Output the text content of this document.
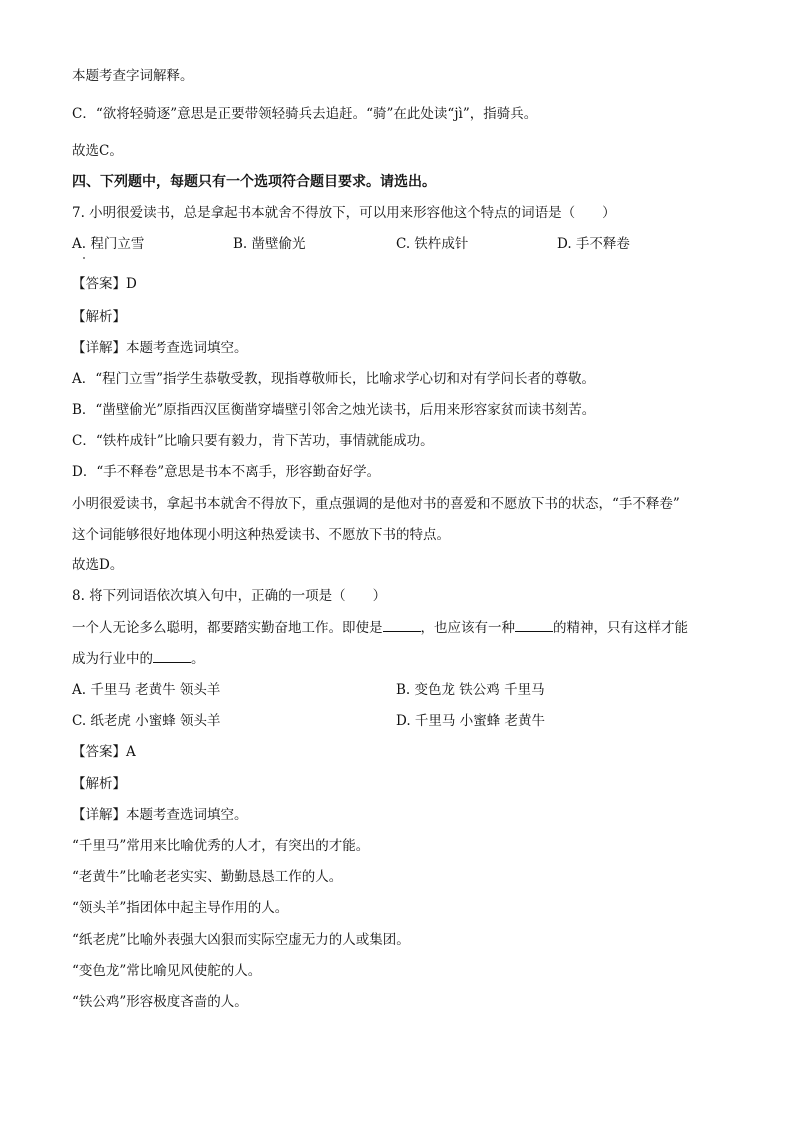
本题考查字词解释。
C．“欲将轻骑逐”意思是正要带领轻骑兵去追赶。“骑”在此处读“jì”，指骑兵。
故选C。
四、下列题中，每题只有一个选项符合题目要求。请选出。
7. 小明很爱读书，总是拿起书本就舍不得放下，可以用来形容他这个特点的词语是（　　）
A. 程门立雪	B. 凿壁偷光	C. 铁杵成针	D. 手不释卷
【答案】D
【解析】
【详解】本题考查选词填空。
A．“程门立雪”指学生恭敬受教，现指尊敬师长，比喻求学心切和对有学问长者的尊敬。
B．“凿壁偷光”原指西汉匡衡凿穿墙壁引邻舍之烛光读书，后用来形容家贫而读书刻苦。
C．“铁杵成针”比喻只要有毅力，肯下苦功，事情就能成功。
D．“手不释卷”意思是书本不离手，形容勤奋好学。
小明很爱读书，拿起书本就舍不得放下，重点强调的是他对书的喜爱和不愿放下书的状态，“手不释卷”
这个词能够很好地体现小明这种热爱读书、不愿放下书的特点。
故选D。
8. 将下列词语依次填入句中，正确的一项是（　　）
一个人无论多么聪明，都要踏实勤奋地工作。即使是	，也应该有一种	的精神，只有这样才能
成为行业中的	。
A. 千里马 老黄牛 领头羊	B. 变色龙 铁公鸡 千里马
C. 纸老虎 小蜜蜂 领头羊	D. 千里马 小蜜蜂 老黄牛
【答案】A
【解析】
【详解】本题考查选词填空。
“千里马”常用来比喻优秀的人才，有突出的才能。
“老黄牛”比喻老老实实、勤勤恳恳工作的人。
“领头羊”指团体中起主导作用的人。
“纸老虎”比喻外表强大凶狠而实际空虚无力的人或集团。
“变色龙”常比喻见风使舵的人。
“铁公鸡”形容极度吝啬的人。
